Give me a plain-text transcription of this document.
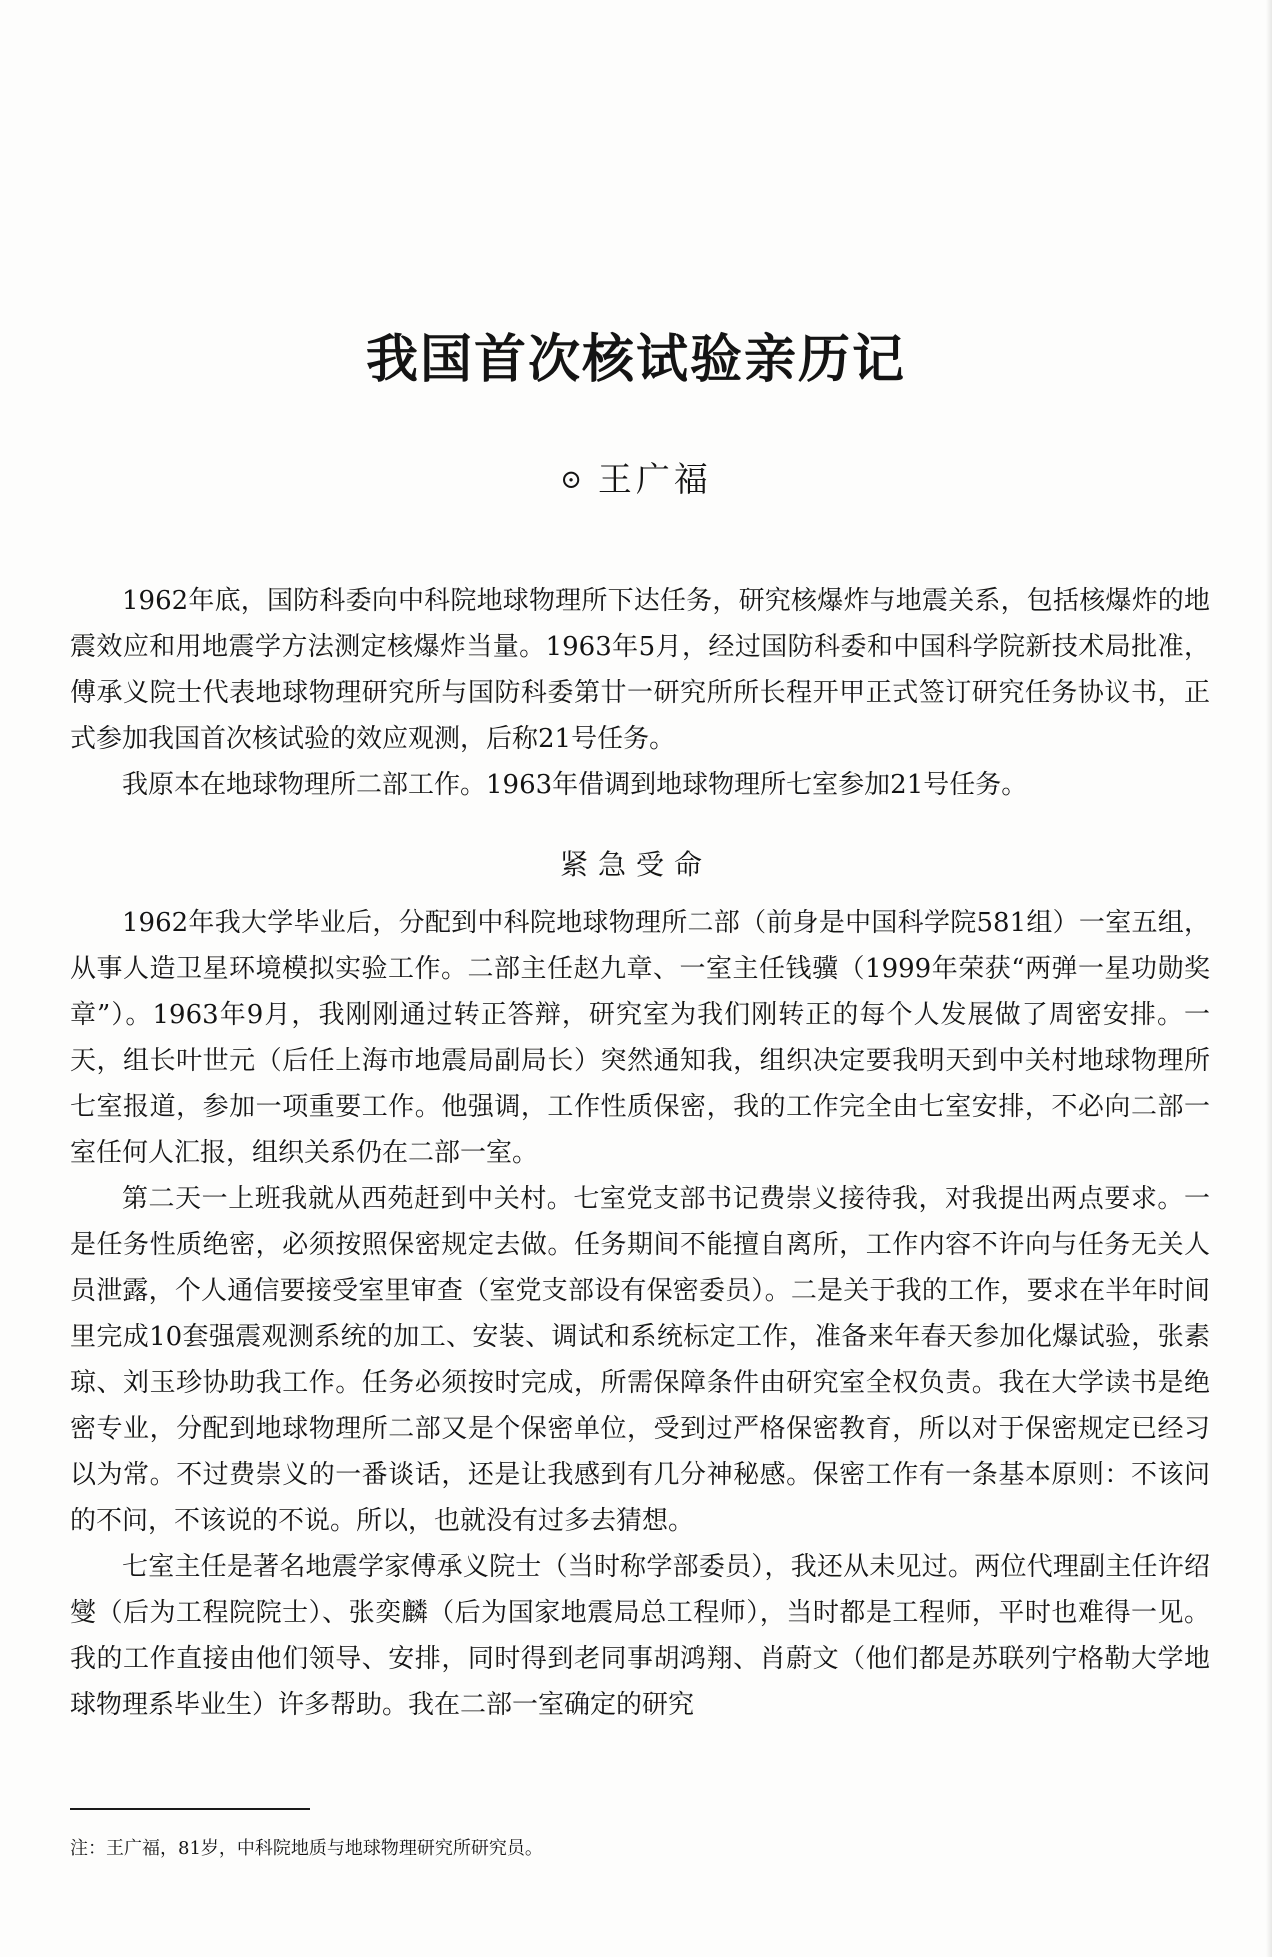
我国首次核试验亲历记
⊙ 王广福

1962年底，国防科委向中科院地球物理所下达任务，研究核爆炸与地震关系，包括核爆炸的地震效应和用地震学方法测定核爆炸当量。1963年5月，经过国防科委和中国科学院新技术局批准，傅承义院士代表地球物理研究所与国防科委第廿一研究所所长程开甲正式签订研究任务协议书，正式参加我国首次核试验的效应观测，后称21号任务。

我原本在地球物理所二部工作。1963年借调到地球物理所七室参加21号任务。

紧急受命

1962年我大学毕业后，分配到中科院地球物理所二部（前身是中国科学院581组）一室五组，从事人造卫星环境模拟实验工作。二部主任赵九章、一室主任钱骥（1999年荣获“两弹一星功勋奖章”）。1963年9月，我刚刚通过转正答辩，研究室为我们刚转正的每个人发展做了周密安排。一天，组长叶世元（后任上海市地震局副局长）突然通知我，组织决定要我明天到中关村地球物理所七室报道，参加一项重要工作。他强调，工作性质保密，我的工作完全由七室安排，不必向二部一室任何人汇报，组织关系仍在二部一室。

第二天一上班我就从西苑赶到中关村。七室党支部书记费崇义接待我，对我提出两点要求。一是任务性质绝密，必须按照保密规定去做。任务期间不能擅自离所，工作内容不许向与任务无关人员泄露，个人通信要接受室里审查（室党支部设有保密委员）。二是关于我的工作，要求在半年时间里完成10套强震观测系统的加工、安装、调试和系统标定工作，准备来年春天参加化爆试验，张素琼、刘玉珍协助我工作。任务必须按时完成，所需保障条件由研究室全权负责。我在大学读书是绝密专业，分配到地球物理所二部又是个保密单位，受到过严格保密教育，所以对于保密规定已经习以为常。不过费崇义的一番谈话，还是让我感到有几分神秘感。保密工作有一条基本原则：不该问的不问，不该说的不说。所以，也就没有过多去猜想。

七室主任是著名地震学家傅承义院士（当时称学部委员），我还从未见过。两位代理副主任许绍燮（后为工程院院士）、张奕麟（后为国家地震局总工程师），当时都是工程师，平时也难得一见。我的工作直接由他们领导、安排，同时得到老同事胡鸿翔、肖蔚文（他们都是苏联列宁格勒大学地球物理系毕业生）许多帮助。我在二部一室确定的研究

注：王广福，81岁，中科院地质与地球物理研究所研究员。
